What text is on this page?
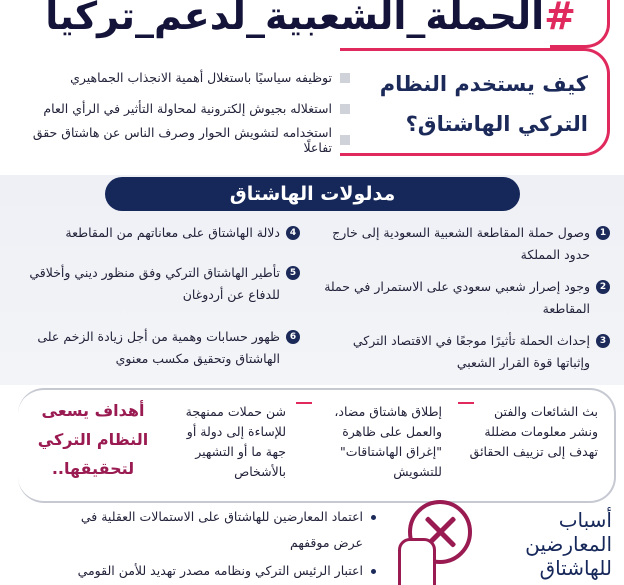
#الحملة_الشعبية_لدعم_تركيا
كيف يستخدم النظام التركي الهاشتاق؟
توظيفه سياسيًا باستغلال أهمية الانجذاب الجماهيري
استغلاله بجيوش إلكترونية لمحاولة التأثير في الرأي العام
استخدامه لتشويش الحوار وصرف الناس عن هاشتاق حقق تفاعلًا
مدلولات الهاشتاق
1
وصول حملة المقاطعة الشعبية السعودية إلى خارج حدود المملكة
2
وجود إصرار شعبي سعودي على الاستمرار في حملة المقاطعة
3
إحداث الحملة تأثيرًا موجعًا في الاقتصاد التركي وإثباتها قوة القرار الشعبي
4
دلالة الهاشتاق على معاناتهم من المقاطعة
5
تأطير الهاشتاق التركي وفق منظور ديني وأخلاقي للدفاع عن أردوغان
6
ظهور حسابات وهمية من أجل زيادة الزخم على الهاشتاق وتحقيق مكسب معنوي
أهداف يسعى النظام التركي لتحقيقها..
بث الشائعات والفتن ونشر معلومات مضللة تهدف إلى تزييف الحقائق
إطلاق هاشتاق مضاد، والعمل على ظاهرة "إغراق الهاشتاقات" للتشويش
شن حملات ممنهجة للإساءة إلى دولة أو جهة ما أو التشهير بالأشخاص
أسباب المعارضين للهاشتاق
اعتماد المعارضين للهاشتاق على الاستمالات العقلية في عرض موقفهم
اعتبار الرئيس التركي ونظامه مصدر تهديد للأمن القومي
